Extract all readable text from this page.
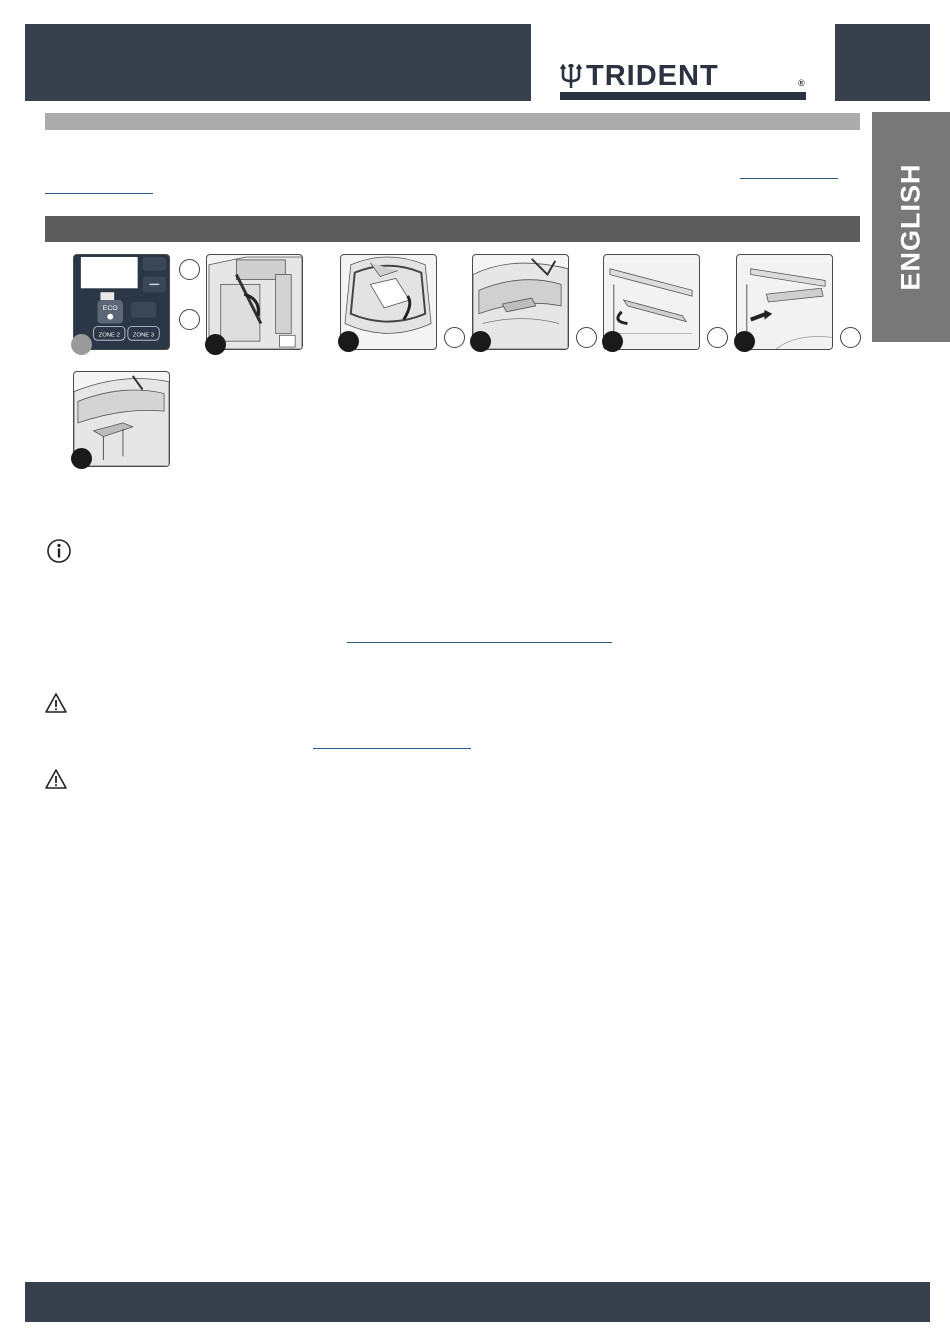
TRIDENT	®
ENGLISH
ECO
ZONE 2 ZONE 3
